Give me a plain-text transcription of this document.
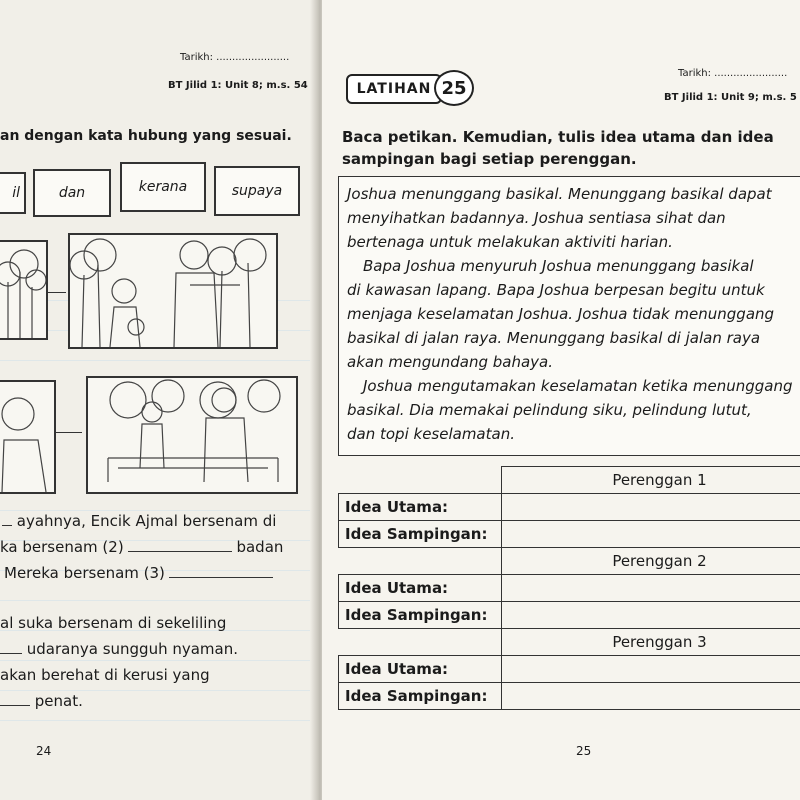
Tarikh: .......................
BT Jilid 1: Unit 8; m.s. 54
an dengan kata hubung yang sesuai.
il	dan	kerana	supaya
ayahnya, Encik Ajmal bersenam di
ka bersenam (2)	badan
Mereka bersenam (3)
al suka bersenam di sekeliling
udaranya sungguh nyaman.
akan berehat di kerusi yang
penat.
24
LATIHAN 25
Tarikh: .......................
BT Jilid 1: Unit 9; m.s. 5
Baca petikan. Kemudian, tulis idea utama dan idea
sampingan bagi setiap perenggan.
Joshua menunggang basikal. Menunggang basikal dapat
menyihatkan badannya. Joshua sentiasa sihat dan
bertenaga untuk melakukan aktiviti harian.
Bapa Joshua menyuruh Joshua menunggang basikal
di kawasan lapang. Bapa Joshua berpesan begitu untuk
menjaga keselamatan Joshua. Joshua tidak menunggang
basikal di jalan raya. Menunggang basikal di jalan raya
akan mengundang bahaya.
Joshua mengutamakan keselamatan ketika menunggang
basikal. Dia memakai pelindung siku, pelindung lutut,
dan topi keselamatan.
	Perenggan 1
Idea Utama:	
Idea Sampingan:	
	Perenggan 2
Idea Utama:	
Idea Sampingan:	
	Perenggan 3
Idea Utama:	
Idea Sampingan:	
25
